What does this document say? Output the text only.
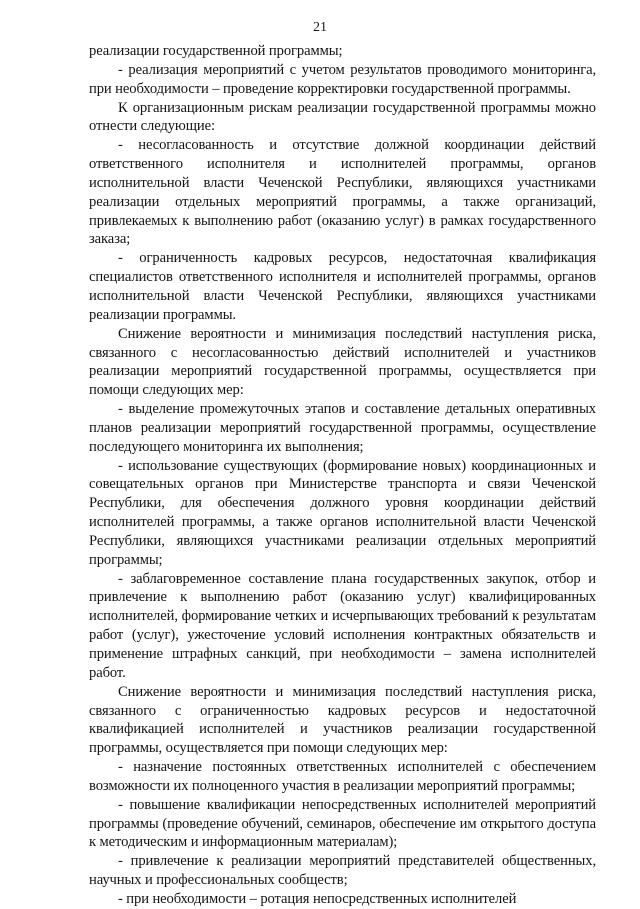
21

реализации государственной программы;

- реализация мероприятий с учетом результатов проводимого мониторинга, при необходимости – проведение корректировки государственной программы.

К организационным рискам реализации государственной программы можно отнести следующие:

- несогласованность и отсутствие должной координации действий ответственного исполнителя и исполнителей программы, органов исполнительной власти Чеченской Республики, являющихся участниками реализации отдельных мероприятий программы, а также организаций, привлекаемых к выполнению работ (оказанию услуг) в рамках государственного заказа;

- ограниченность кадровых ресурсов, недостаточная квалификация специалистов ответственного исполнителя и исполнителей программы, органов исполнительной власти Чеченской Республики, являющихся участниками реализации программы.

Снижение вероятности и минимизация последствий наступления риска, связанного с несогласованностью действий исполнителей и участников реализации мероприятий государственной программы, осуществляется при помощи следующих мер:

- выделение промежуточных этапов и составление детальных оперативных планов реализации мероприятий государственной программы, осуществление последующего мониторинга их выполнения;

- использование существующих (формирование новых) координационных и совещательных органов при Министерстве транспорта и связи Чеченской Республики, для обеспечения должного уровня координации действий исполнителей программы, а также органов исполнительной власти Чеченской Республики, являющихся участниками реализации отдельных мероприятий программы;

- заблаговременное составление плана государственных закупок, отбор и привлечение к выполнению работ (оказанию услуг) квалифицированных исполнителей, формирование четких и исчерпывающих требований к результатам работ (услуг), ужесточение условий исполнения контрактных обязательств и применение штрафных санкций, при необходимости – замена исполнителей работ.

Снижение вероятности и минимизация последствий наступления риска, связанного с ограниченностью кадровых ресурсов и недостаточной квалификацией исполнителей и участников реализации государственной программы, осуществляется при помощи следующих мер:

- назначение постоянных ответственных исполнителей с обеспечением возможности их полноценного участия в реализации мероприятий программы;

- повышение квалификации непосредственных исполнителей мероприятий программы (проведение обучений, семинаров, обеспечение им открытого доступа к методическим и информационным материалам);

- привлечение к реализации мероприятий представителей общественных, научных и профессиональных сообществ;

- при необходимости – ротация непосредственных исполнителей
